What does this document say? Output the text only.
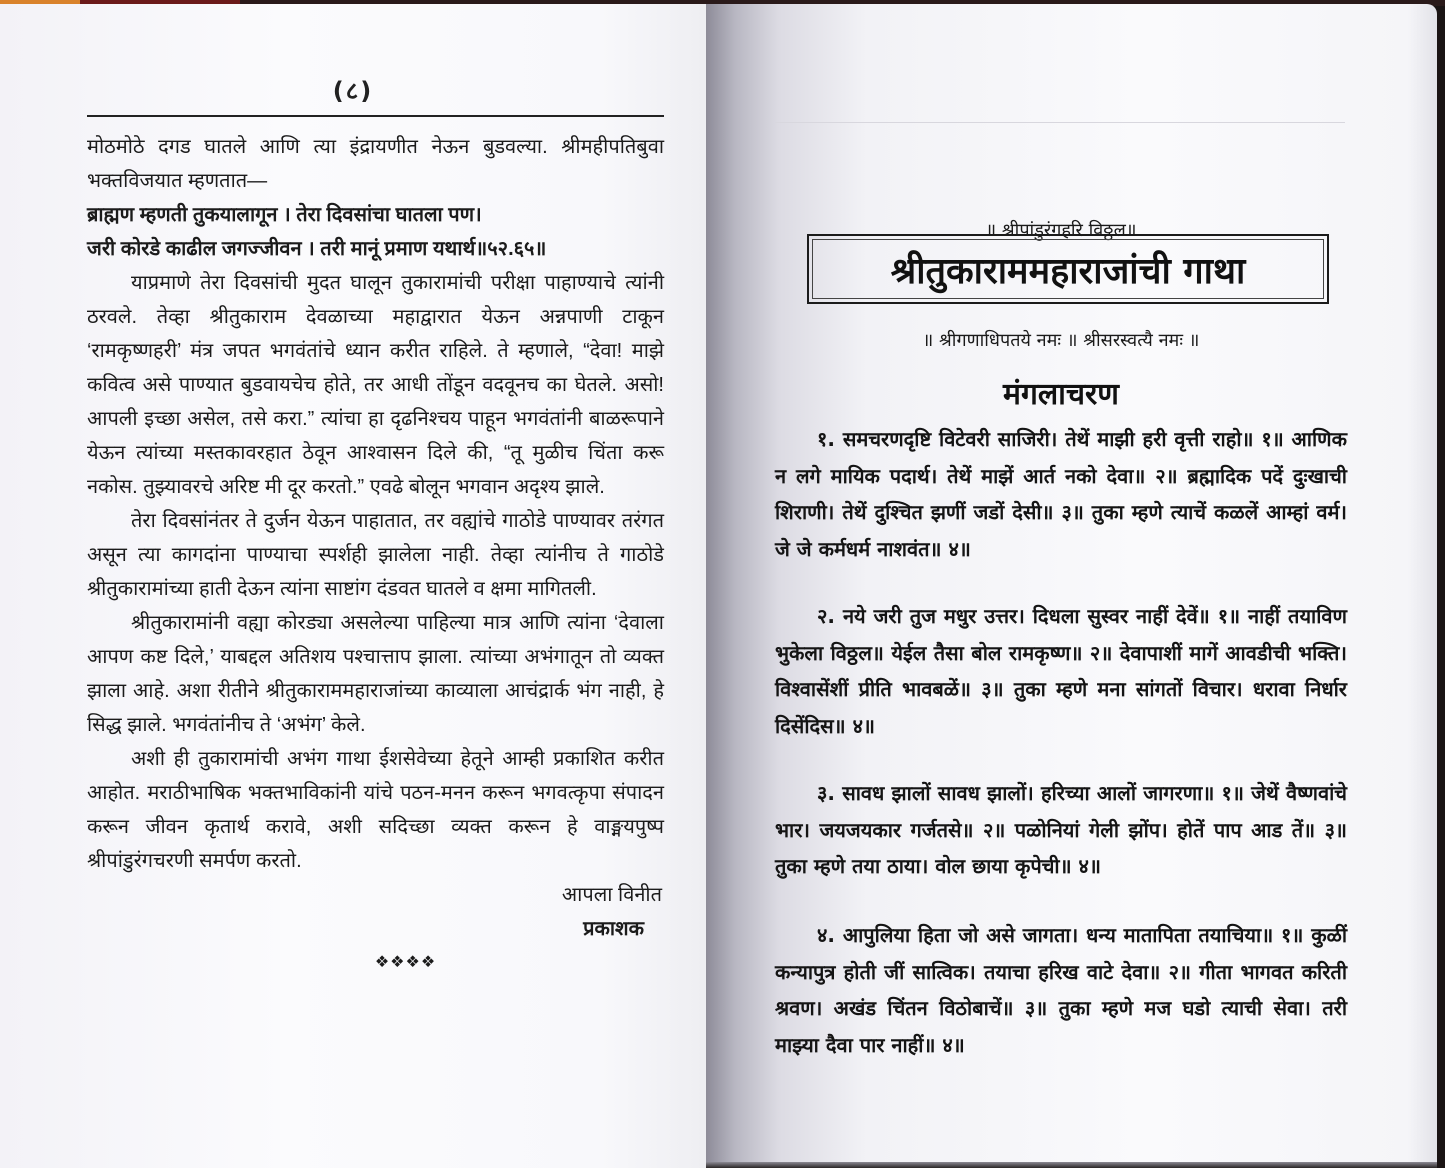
(८)

मोठमोठे दगड घातले आणि त्या इंद्रायणीत नेऊन बुडवल्या. श्रीमहीपतिबुवा भक्तविजयात म्हणतात—

ब्राह्मण म्हणती तुकयालागून । तेरा दिवसांचा घातला पण।

जरी कोरडे काढील जगज्जीवन । तरी मानूं प्रमाण यथार्थ॥५२.६५॥

याप्रमाणे तेरा दिवसांची मुदत घालून तुकारामांची परीक्षा पाहाण्याचे त्यांनी ठरवले. तेव्हा श्रीतुकाराम देवळाच्या महाद्वारात येऊन अन्नपाणी टाकून ‘रामकृष्णहरी’ मंत्र जपत भगवंतांचे ध्यान करीत राहिले. ते म्हणाले, “देवा! माझे कवित्व असे पाण्यात बुडवायचेच होते, तर आधी तोंडून वदवूनच का घेतले. असो! आपली इच्छा असेल, तसे करा.” त्यांचा हा दृढनिश्चय पाहून भगवंतांनी बाळरूपाने येऊन त्यांच्या मस्तकावरहात ठेवून आश्वासन दिले की, “तू मुळीच चिंता करू नकोस. तुझ्यावरचे अरिष्ट मी दूर करतो.” एवढे बोलून भगवान अदृश्य झाले.

तेरा दिवसांनंतर ते दुर्जन येऊन पाहातात, तर वह्यांचे गाठोडे पाण्यावर तरंगत असून त्या कागदांना पाण्याचा स्पर्शही झालेला नाही. तेव्हा त्यांनीच ते गाठोडे श्रीतुकारामांच्या हाती देऊन त्यांना साष्टांग दंडवत घातले व क्षमा मागितली.

श्रीतुकारामांनी वह्या कोरड्या असलेल्या पाहिल्या मात्र आणि त्यांना ‘देवाला आपण कष्ट दिले,’ याबद्दल अतिशय पश्चात्ताप झाला. त्यांच्या अभंगातून तो व्यक्त झाला आहे. अशा रीतीने श्रीतुकाराममहाराजांच्या काव्याला आचंद्रार्क भंग नाही, हे सिद्ध झाले. भगवंतांनीच ते ‘अभंग’ केले.

अशी ही तुकारामांची अभंग गाथा ईशसेवेच्या हेतूने आम्ही प्रकाशित करीत आहोत. मराठीभाषिक भक्तभाविकांनी यांचे पठन-मनन करून भगवत्कृपा संपादन करून जीवन कृतार्थ करावे, अशी सदिच्छा व्यक्त करून हे वाङ्मयपुष्प श्रीपांडुरंगचरणी समर्पण करतो.

आपला विनीत

प्रकाशक

❖❖❖❖

॥ श्रीपांडुरंगहरि विठ्ठल॥
श्रीतुकाराममहाराजांची गाथा
॥ श्रीगणाधिपतये नमः ॥ श्रीसरस्वत्यै नमः ॥
मंगलाचरण
१. समचरणदृष्टि विटेवरी साजिरी। तेथें माझी हरी वृत्ती राहो॥ १॥ आणिक न लगे मायिक पदार्थ। तेथें माझें आर्त नको देवा॥ २॥ ब्रह्मादिक पदें दुःखाची शिराणी। तेथें दुश्चित झणीं जडों देसी॥ ३॥ तुका म्हणे त्याचें कळलें आम्हां वर्म। जे जे कर्मधर्म नाशवंत॥ ४॥
२. नये जरी तुज मधुर उत्तर। दिधला सुस्वर नाहीं देवें॥ १॥ नाहीं तयाविण भुकेला विठ्ठल॥ येईल तैसा बोल रामकृष्ण॥ २॥ देवापाशीं मागें आवडीची भक्ति। विश्वासेंशीं प्रीति भावबळें॥ ३॥ तुका म्हणे मना सांगतों विचार। धरावा निर्धार दिसेंदिस॥ ४॥
३. सावध झालों सावध झालों। हरिच्या आलों जागरणा॥ १॥ जेथें वैष्णवांचे भार। जयजयकार गर्जतसे॥ २॥ पळोनियां गेली झोंप। होतें पाप आड तें॥ ३॥ तुका म्हणे तया ठाया। वोल छाया कृपेची॥ ४॥
४. आपुलिया हिता जो असे जागता। धन्य मातापिता तयाचिया॥ १॥ कुळीं कन्यापुत्र होती जीं सात्विक। तयाचा हरिख वाटे देवा॥ २॥ गीता भागवत करिती श्रवण। अखंड चिंतन विठोबाचें॥ ३॥ तुका म्हणे मज घडो त्याची सेवा। तरी माझ्या दैवा पार नाहीं॥ ४॥
